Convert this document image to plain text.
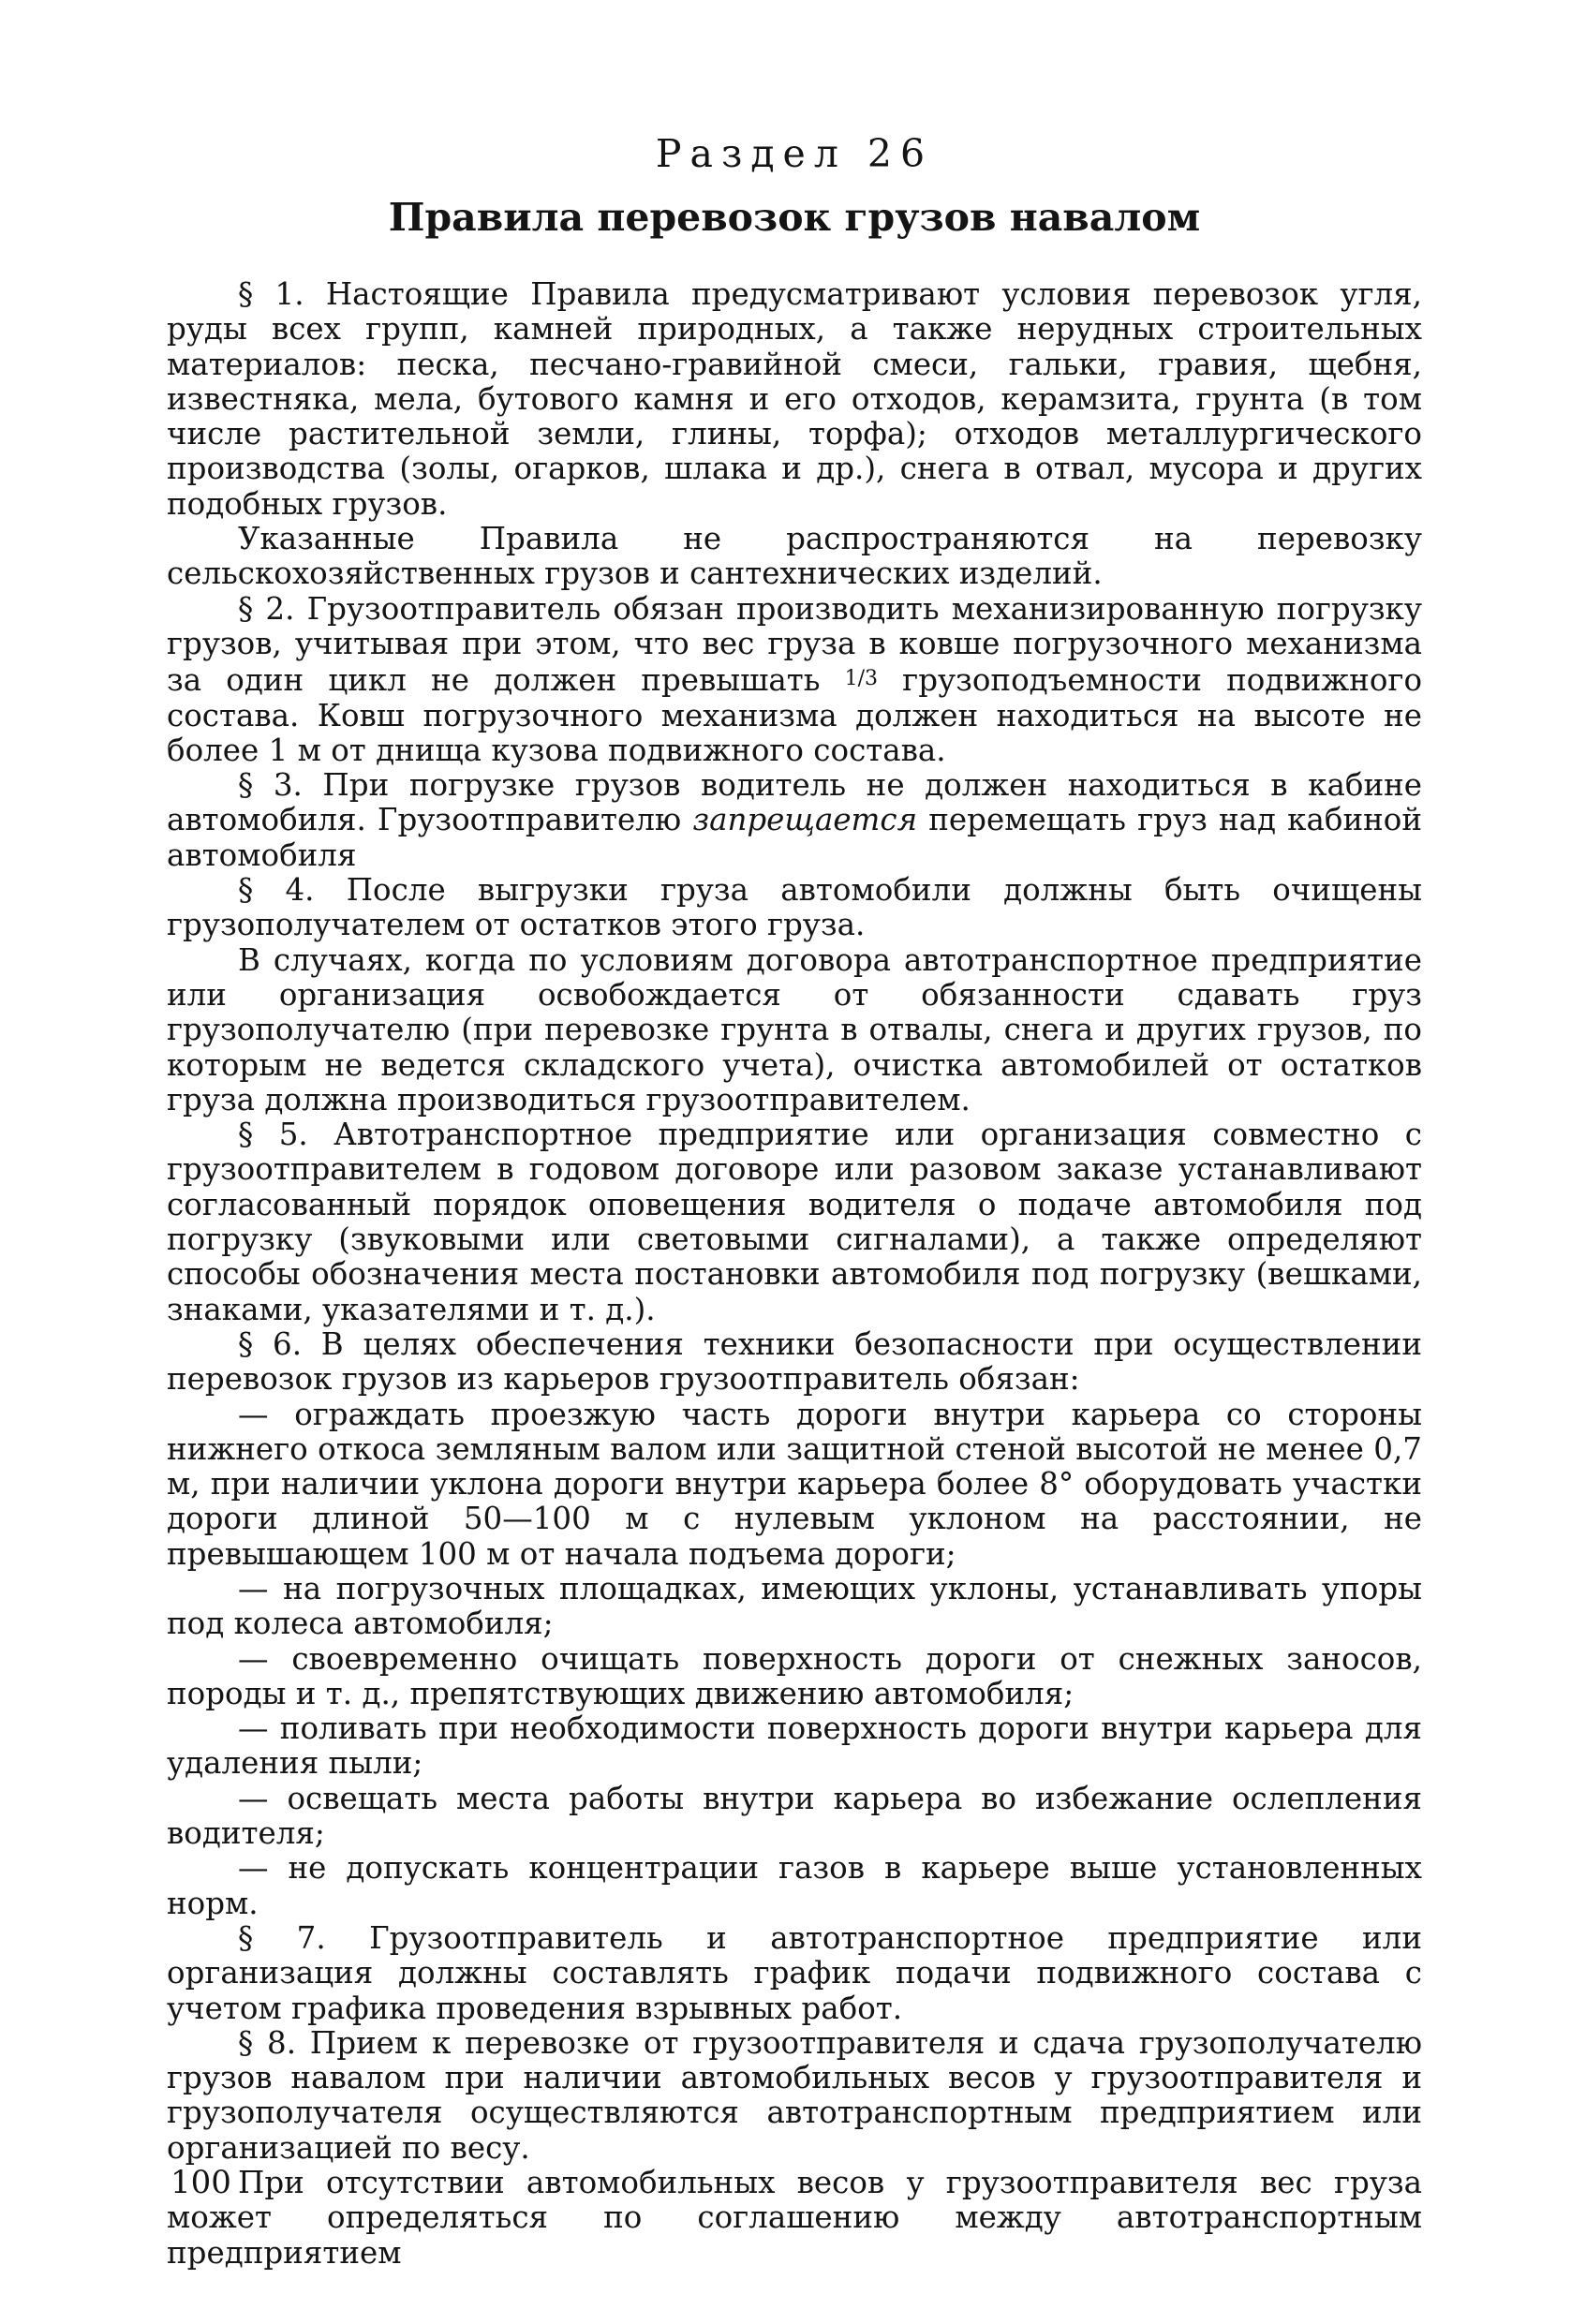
Раздел 26
Правила перевозок грузов навалом

§ 1. Настоящие Правила предусматривают условия перевозок угля, руды всех групп, камней природных, а также нерудных строительных материалов: песка, песчано-гравийной смеси, гальки, гравия, щебня, известняка, мела, бутового камня и его отходов, керамзита, грунта (в том числе растительной земли, глины, торфа); отходов металлургического производства (золы, огарков, шлака и др.), снега в отвал, мусора и других подобных грузов.

Указанные Правила не распространяются на перевозку сельскохозяйственных грузов и сантехнических изделий.

§ 2. Грузоотправитель обязан производить механизированную погрузку грузов, учитывая при этом, что вес груза в ковше погрузочного механизма за один цикл не должен превышать 1/3 грузоподъемности подвижного состава. Ковш погрузочного механизма должен находиться на высоте не более 1 м от днища кузова подвижного состава.

§ 3. При погрузке грузов водитель не должен находиться в кабине автомобиля. Грузоотправителю запрещается перемещать груз над кабиной автомобиля

§ 4. После выгрузки груза автомобили должны быть очищены грузополучателем от остатков этого груза.

В случаях, когда по условиям договора автотранспортное предприятие или организация освобождается от обязанности сдавать груз грузополучателю (при перевозке грунта в отвалы, снега и других грузов, по которым не ведется складского учета), очистка автомобилей от остатков груза должна производиться грузоотправителем.

§ 5. Автотранспортное предприятие или организация совместно с грузоотправителем в годовом договоре или разовом заказе устанавливают согласованный порядок оповещения водителя о подаче автомобиля под погрузку (звуковыми или световыми сигналами), а также определяют способы обозначения места постановки автомобиля под погрузку (вешками, знаками, указателями и т. д.).

§ 6. В целях обеспечения техники безопасности при осуществлении перевозок грузов из карьеров грузоотправитель обязан:

— ограждать проезжую часть дороги внутри карьера со стороны нижнего откоса земляным валом или защитной стеной высотой не менее 0,7 м, при наличии уклона дороги внутри карьера более 8° оборудовать участки дороги длиной 50—100 м с нулевым уклоном на расстоянии, не превышающем 100 м от начала подъема дороги;

— на погрузочных площадках, имеющих уклоны, устанавливать упоры под колеса автомобиля;

— своевременно очищать поверхность дороги от снежных заносов, породы и т. д., препятствующих движению автомобиля;

— поливать при необходимости поверхность дороги внутри карьера для удаления пыли;

— освещать места работы внутри карьера во избежание ослепления водителя;

— не допускать концентрации газов в карьере выше установленных норм.

§ 7. Грузоотправитель и автотранспортное предприятие или организация должны составлять график подачи подвижного состава с учетом графика проведения взрывных работ.

§ 8. Прием к перевозке от грузоотправителя и сдача грузополучателю грузов навалом при наличии автомобильных весов у грузоотправителя и грузополучателя осуществляются автотранспортным предприятием или организацией по весу.

При отсутствии автомобильных весов у грузоотправителя вес груза может определяться по соглашению между автотранспортным предприятием

100
